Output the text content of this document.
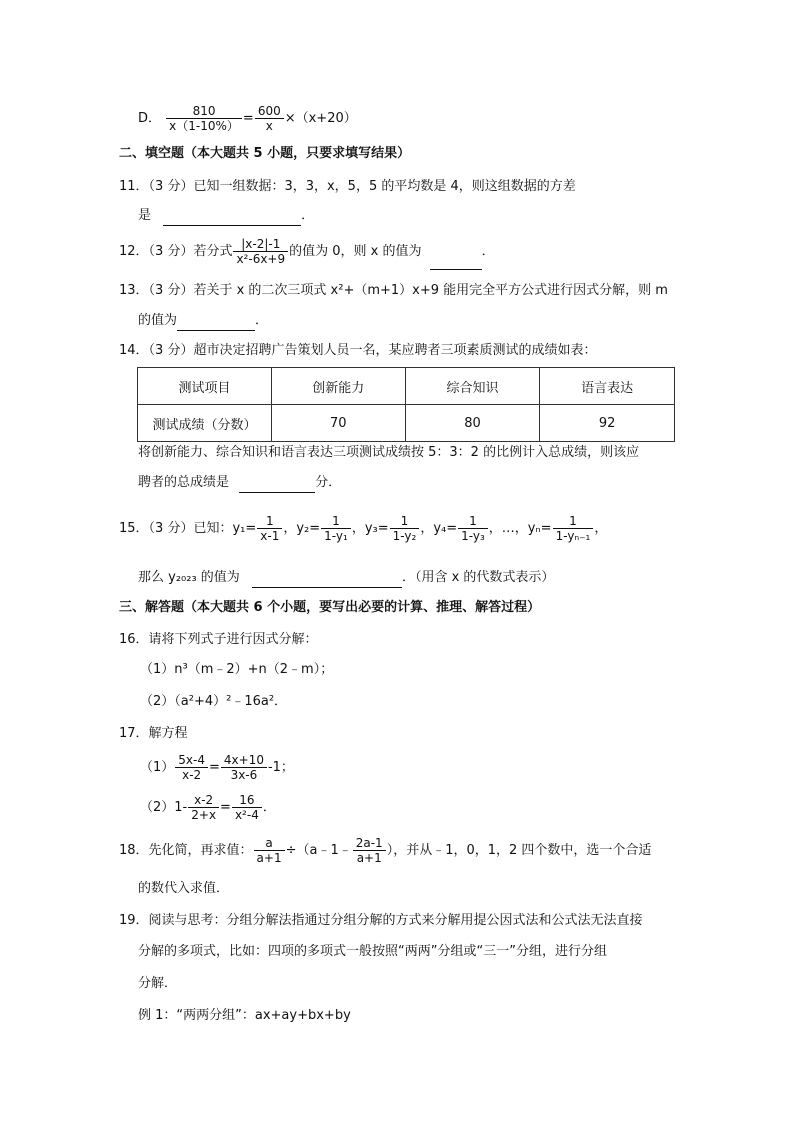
D． $\frac{810}{x(1-10\%)} = \frac{600}{x} \times(x+20)$
二、填空题（本大题共 5 小题，只要求填写结果）
11．（3 分）已知一组数据：3，3，x，5，5 的平均数是 4，则这组数据的方差
是	．
12．（3 分）若分式 $\frac{|x-2|-1}{\text{x²-6x+9}}$ 的值为 0，则 x 的值为	．
13．（3 分）若关于 x 的二次三项式 x²+（m+1）x+9 能用完全平方公式进行因式分解，则 m
的值为	．
14．（3 分）超市决定招聘广告策划人员一名，某应聘者三项素质测试的成绩如表：
测试项目	创新能力	综合知识	语言表达
测试成绩（分数）	70	80	92
将创新能力、综合知识和语言表达三项测试成绩按 5：3：2 的比例计入总成绩，则该应
聘者的总成绩是	分．
15．（3 分）已知：$y_1= \frac{1}{x-1}$ ，$y_2= \frac{1}{\text{1-y₁}}$ ，$y_3= \frac{1}{\text{1-y₂}}$ ，$y_4= \frac{1}{\text{1-y₃}}$ ，…，$y_n= \frac{1}{\text{1-yₙ₋₁}}$ ，
那么 y₂₀₂₃ 的值为	．（用含 x 的代数式表示）
三、解答题（本大题共 6 个小题，要写出必要的计算、推理、解答过程）
16．请将下列式子进行因式分解：
（1）n³（m﹣2）+n（2﹣m）；
（2）（a²+4）²﹣16a²．
17．解方程
$(1) \frac{5x-4}{x-2} = \frac{4x+10}{3x-6} -1$；
$(2)1- \frac{x-2}{2+x} = \frac{16}{\text{x²-4}}$ ．
18．先化简，再求值： $\frac{a}{a+1}$ ÷（a﹣1﹣ $\frac{2a-1}{a+1}$ ），并从﹣1，0，1，2 四个数中，选一个合适
的数代入求值．
19．阅读与思考：分组分解法指通过分组分解的方式来分解用提公因式法和公式法无法直接
分解的多项式，比如：四项的多项式一般按照“两两”分组或“三一”分组，进行分组
分解．
例 1：“两两分组”：ax+ay+bx+by
